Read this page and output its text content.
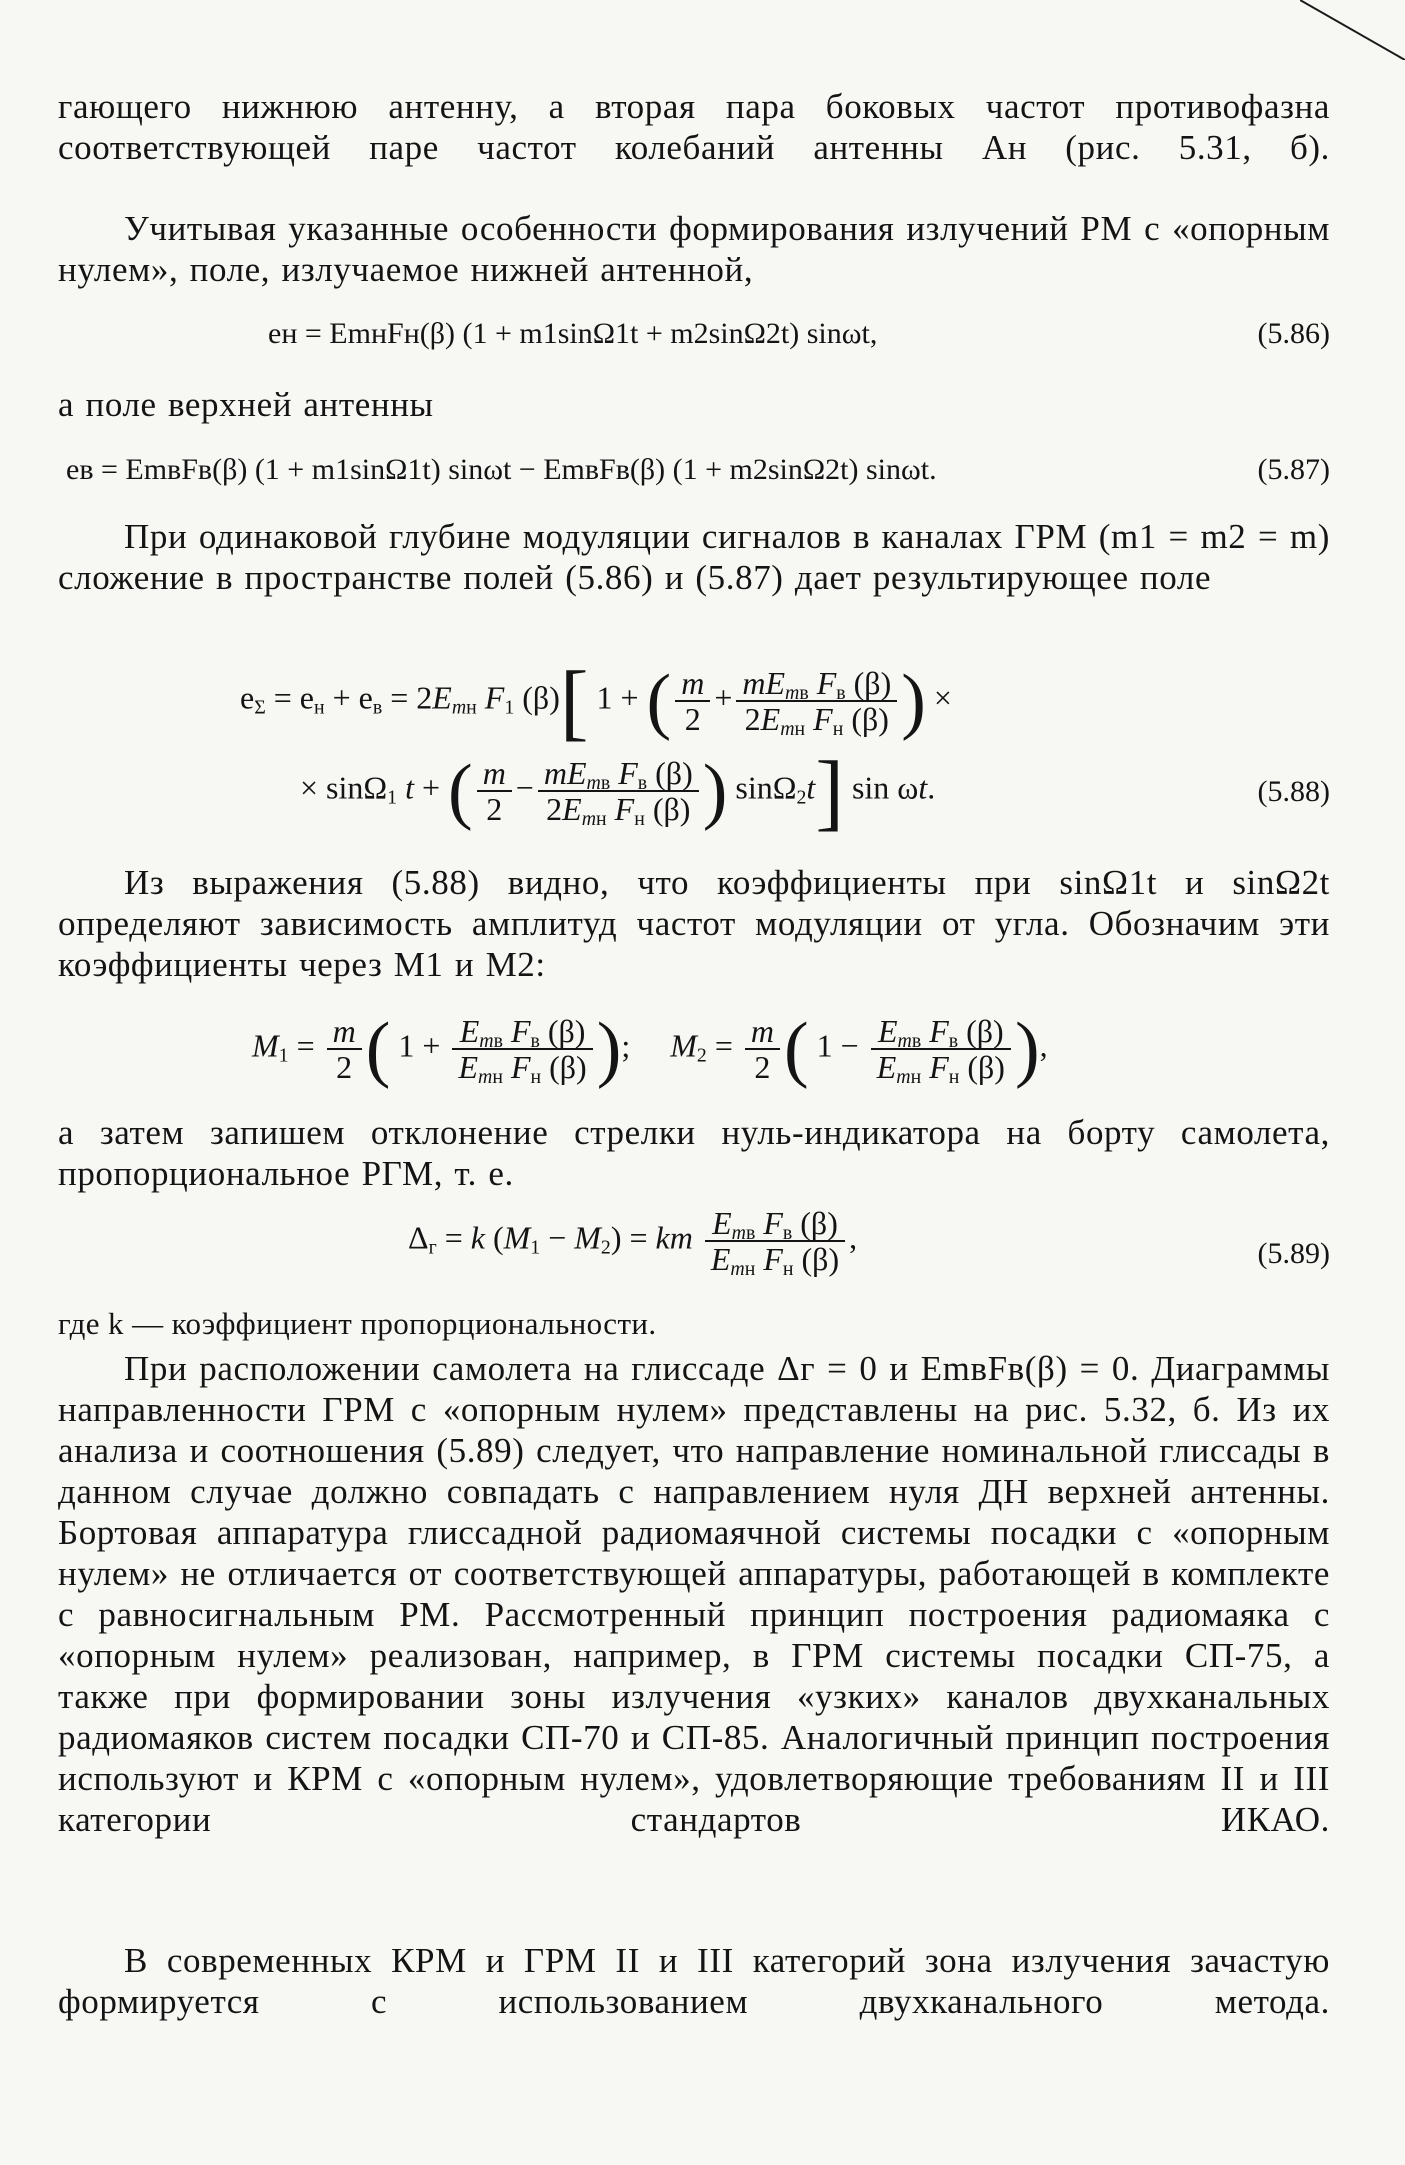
гающего нижнюю антенну, а вторая пара боковых частот противофазна соответствующей паре частот колебаний антенны Aн (рис. 5.31, б).
Учитывая указанные особенности формирования излучений РМ с «опорным нулем», поле, излучаемое нижней антенной,
eн = EmнFн(β) (1 + m1sinΩ1t + m2sinΩ2t) sinωt,	(5.86)
а поле верхней антенны
eв = EmвFв(β) (1 + m1sinΩ1t) sinωt − EmвFв(β) (1 + m2sinΩ2t) sinωt.	(5.87)
При одинаковой глубине модуляции сигналов в каналах ГРМ (m1 = m2 = m) сложение в пространстве полей (5.86) и (5.87) дает результирующее поле
$e_\Sigma = e_н + e_в = 2E_{mн}$ $F_1$ (β)[ 1 + ( $\frac{m}{2} + \frac{mE_{mв} F_в (\beta)}{2E_{mн} F_н (\beta)}$ ) ×
× sinΩ$_1$ t + ( $\frac{m}{2} - \frac{mE_{mв} F_в (\beta)}{2E_{mн} F_н (\beta)}$ ) sinΩ$_2$t] sin ωt.	(5.88)
Из выражения (5.88) видно, что коэффициенты при sinΩ1t и sinΩ2t определяют зависимость амплитуд частот модуляции от угла. Обозначим эти коэффициенты через M1 и M2:
$M_1 = \frac{m}{2}$ ( $1 + \frac{E_{mв} F_в (\beta)}{E_{mн} F_н (\beta)}$ );     $M_2 = \frac{m}{2}$ ( $1 - \frac{E_{mв} F_в (\beta)}{E_{mн} F_н (\beta)}$ ),
а затем запишем отклонение стрелки нуль-индикатора на борту самолета, пропорциональное РГМ, т. е.
$\Delta_г = k$ $(M_1 - M_2)$ = km $\frac{E_{mв} F_в (\beta)}{E_{mн} F_н (\beta)}$ ,	(5.89)
где k — коэффициент пропорциональности.
При расположении самолета на глиссаде Δг = 0 и EmвFв(β) = 0. Диаграммы направленности ГРМ с «опорным нулем» представлены на рис. 5.32, б. Из их анализа и соотношения (5.89) следует, что направление номинальной глиссады в данном случае должно совпадать с направлением нуля ДН верхней антенны. Бортовая аппаратура глиссадной радиомаячной системы посадки с «опорным нулем» не отличается от соответствующей аппаратуры, работающей в комплекте с равносигнальным РМ. Рассмотренный принцип построения радиомаяка с «опорным нулем» реализован, например, в ГРМ системы посадки СП-75, а также при формировании зоны излучения «узких» каналов двухканальных радиомаяков систем посадки СП-70 и СП-85. Аналогичный принцип построения используют и КРМ с «опорным нулем», удовлетворяющие требованиям II и III категории стандартов ИКАО.
В современных КРМ и ГРМ II и III категорий зона излучения зачастую формируется с использованием двухканального метода.
